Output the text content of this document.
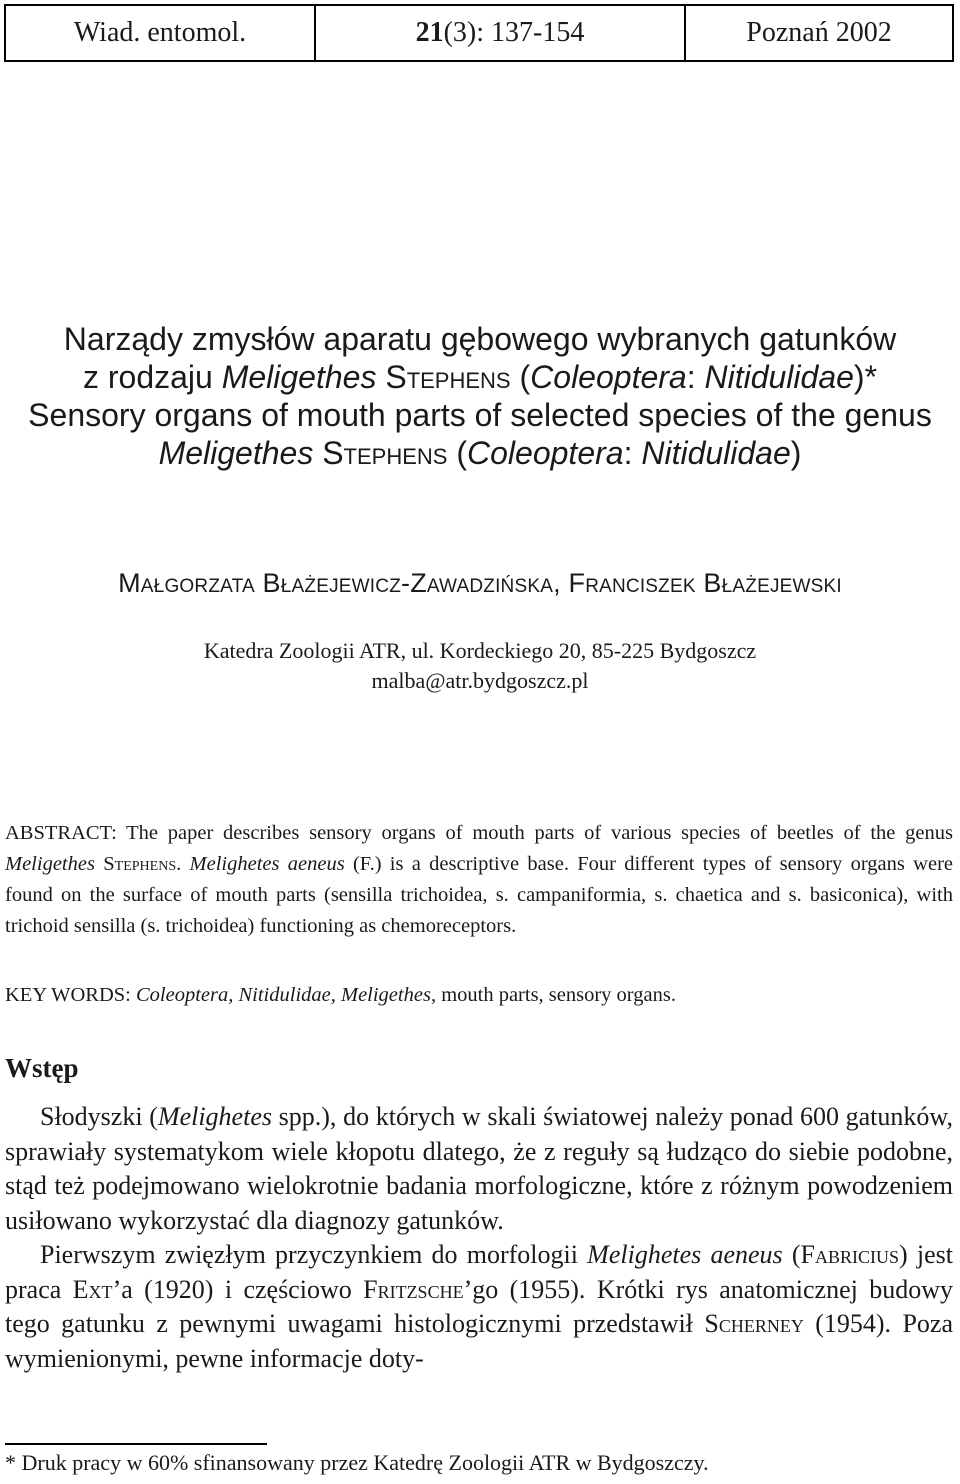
Wiad. entomol.	21 (3): 137-154	Poznań 2002
Narządy zmysłów aparatu gębowego wybranych gatunków
z rodzaju Meligethes Stephens (Coleoptera: Nitidulidae)*
Sensory organs of mouth parts of selected species of the genus
Meligethes Stephens (Coleoptera: Nitidulidae)
Małgorzata Błażejewicz-Zawadzińska, Franciszek Błażejewski
Katedra Zoologii ATR, ul. Kordeckiego 20, 85-225 Bydgoszcz
malba@atr.bydgoszcz.pl
ABSTRACT: The paper describes sensory organs of mouth parts of various species of beetles of the genus Meligethes Stephens. Melighetes aeneus (F.) is a descriptive base. Four different types of sensory organs were found on the surface of mouth parts (sensilla trichoidea, s. campaniformia, s. chaetica and s. basiconica), with trichoid sensilla (s. trichoidea) functioning as chemoreceptors.
KEY WORDS: Coleoptera, Nitidulidae, Meligethes, mouth parts, sensory organs.
Wstęp

Słodyszki (Melighetes spp.), do których w skali światowej należy ponad 600 gatunków, sprawiały systematykom wiele kłopotu dlatego, że z reguły są łudząco do siebie podobne, stąd też podejmowano wielokrotnie badania morfologiczne, które z różnym powodzeniem usiłowano wykorzystać dla diagnozy gatunków.

Pierwszym zwięzłym przyczynkiem do morfologii Melighetes aeneus (Fabricius) jest praca Ext’a (1920) i częściowo Fritzsche’go (1955). Krótki rys anatomicznej budowy tego gatunku z pewnymi uwagami histologicznymi przedstawił Scherney (1954). Poza wymienionymi, pewne informacje doty-

* Druk pracy w 60% sfinansowany przez Katedrę Zoologii ATR w Bydgoszczy.
